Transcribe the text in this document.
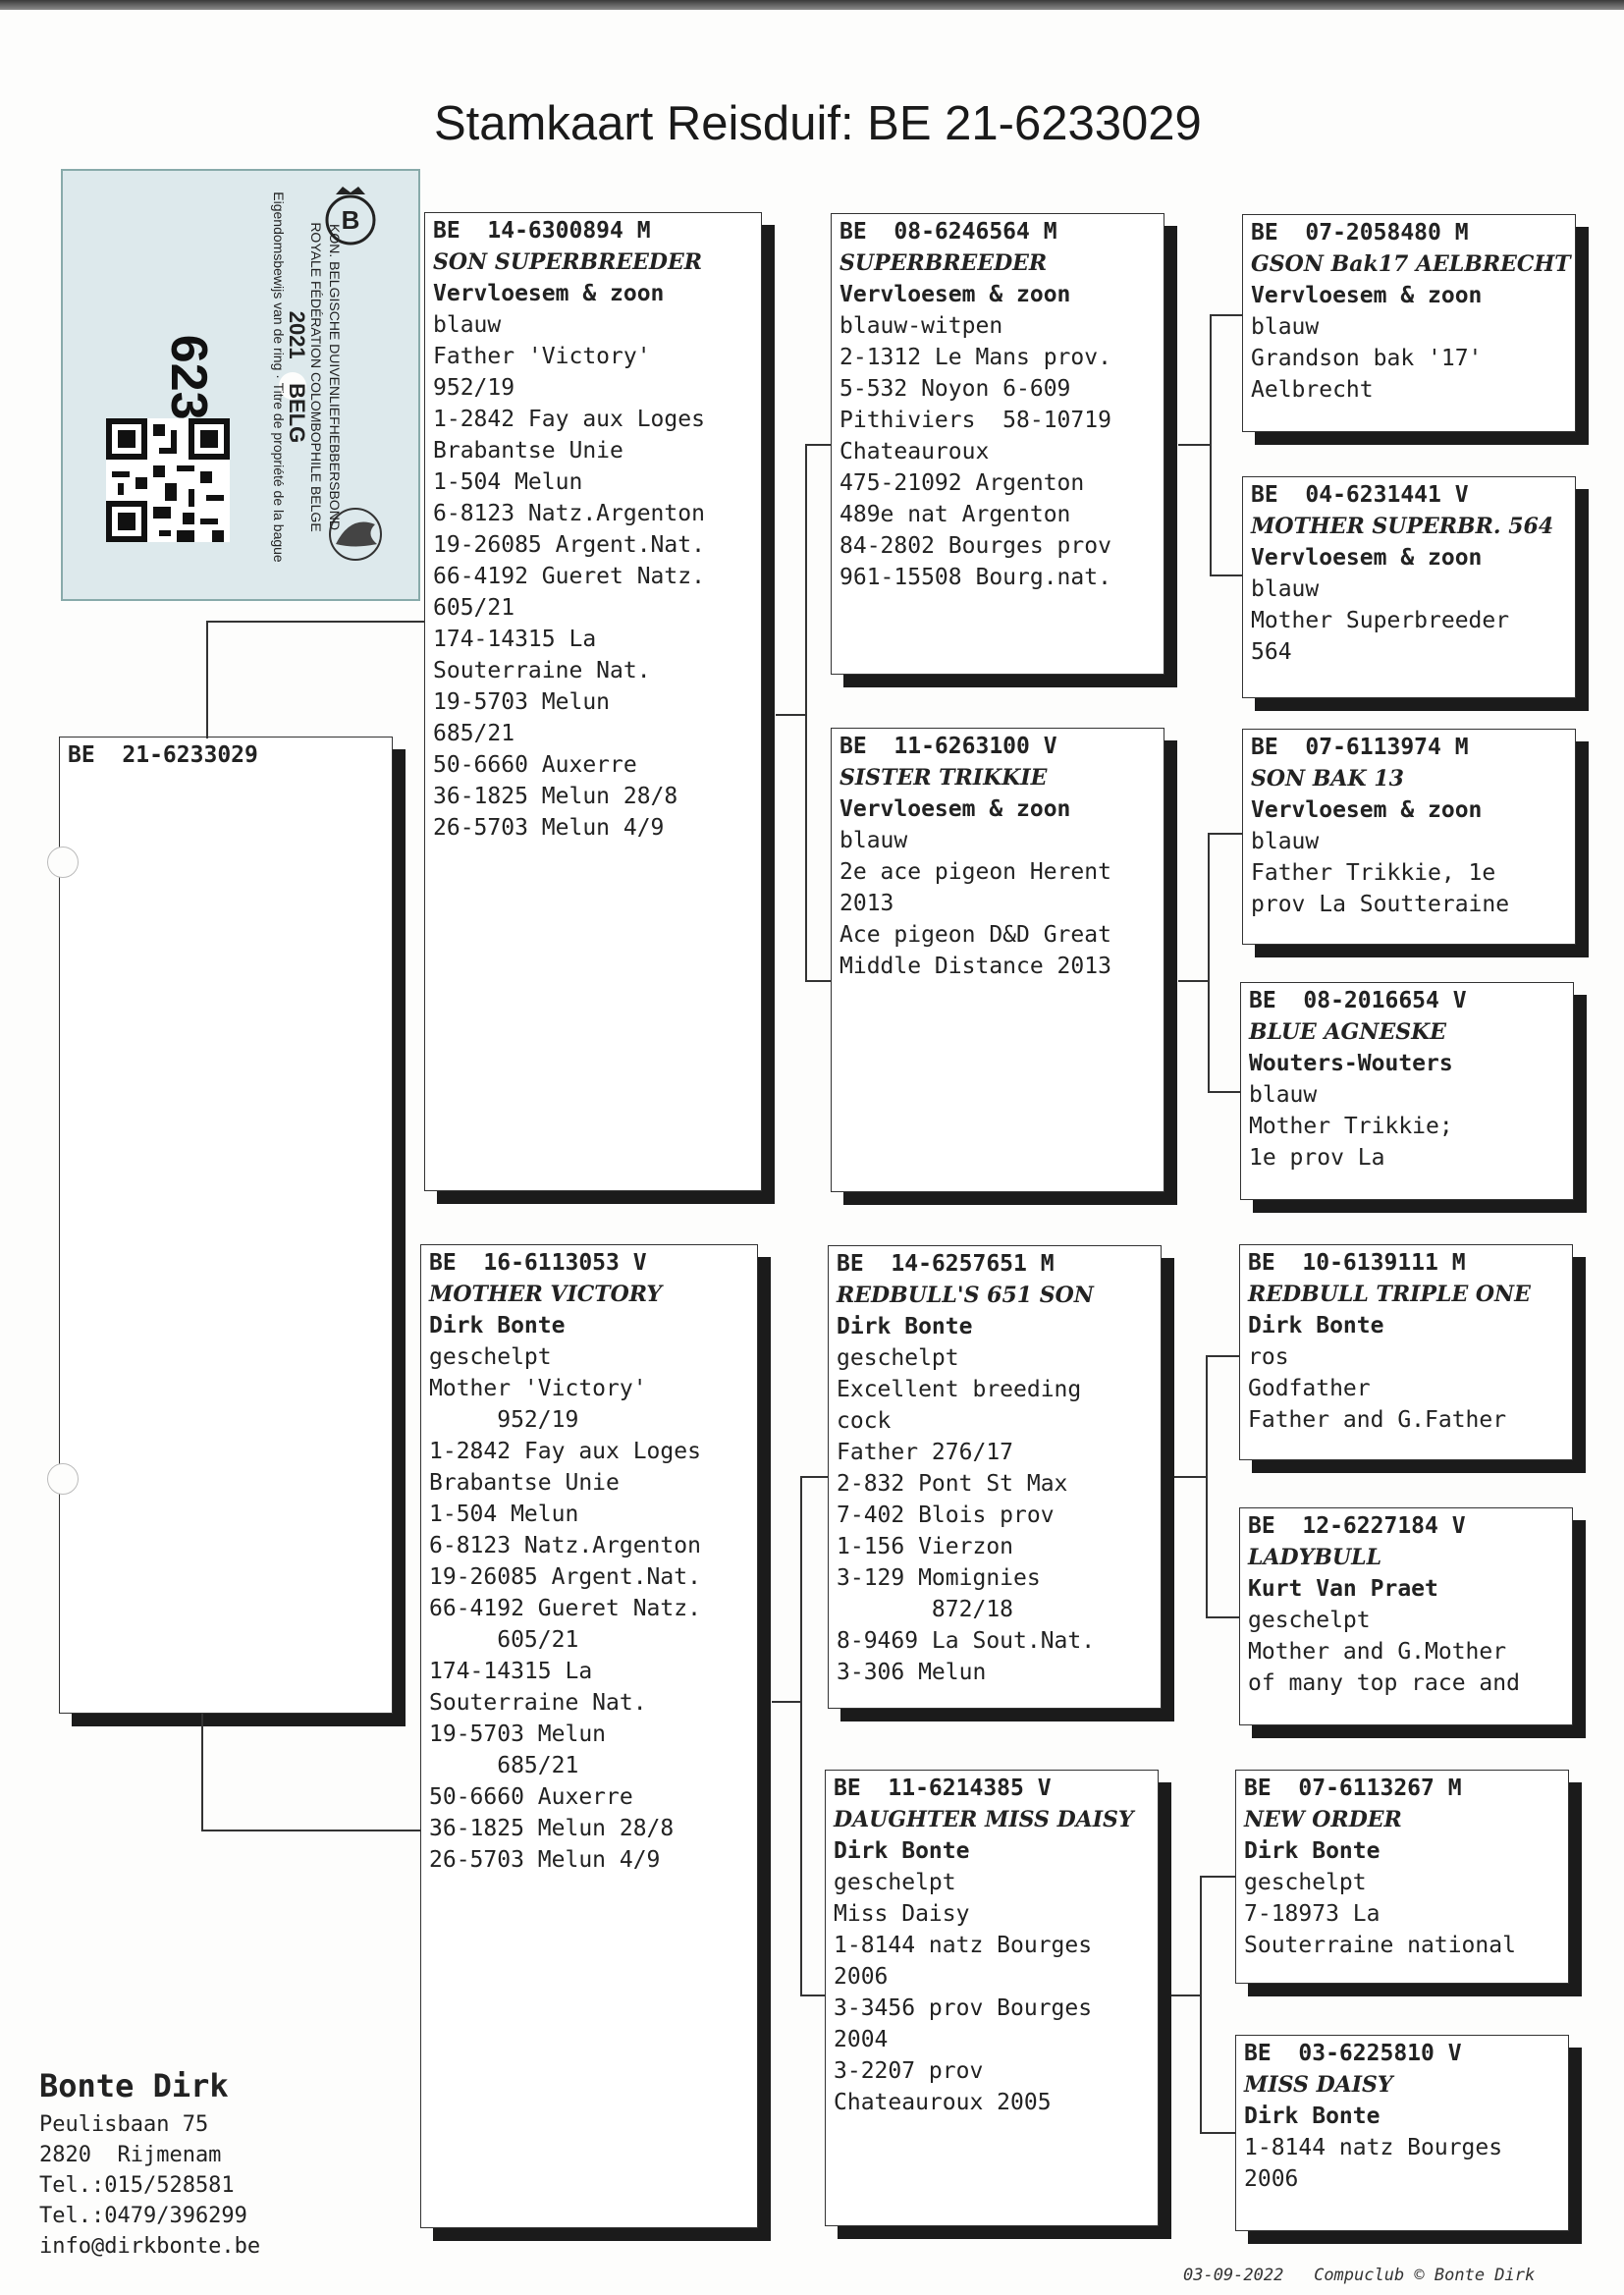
Stamkaart Reisduif: BE 21-6233029
B
KON. BELGISCHE DUIVENLIEFHEBBERSBOND
ROYALE FÉDÉRATION COLOMBOPHILE BELGE
2021    BELG
Eigendomsbewijs van de ring · Titre de propriété de la bague
BE  21-6233029
BE  14-6300894 M
SON SUPERBREEDER
Vervloesem & zoon
blauw
Father 'Victory'
952/19
1-2842 Fay aux Loges
Brabantse Unie
1-504 Melun
6-8123 Natz.Argenton
19-26085 Argent.Nat.
66-4192 Gueret Natz.
605/21
174-14315 La
Souterraine Nat.
19-5703 Melun
685/21
50-6660 Auxerre
36-1825 Melun 28/8
26-5703 Melun 4/9
BE  16-6113053 V
MOTHER VICTORY
Dirk Bonte
geschelpt
Mother 'Victory'
952/19
1-2842 Fay aux Loges
Brabantse Unie
1-504 Melun
6-8123 Natz.Argenton
19-26085 Argent.Nat.
66-4192 Gueret Natz.
605/21
174-14315 La
Souterraine Nat.
19-5703 Melun
685/21
50-6660 Auxerre
36-1825 Melun 28/8
26-5703 Melun 4/9
BE  08-6246564 M
SUPERBREEDER
Vervloesem & zoon
blauw-witpen
2-1312 Le Mans prov.
5-532 Noyon 6-609
Pithiviers  58-10719
Chateauroux
475-21092 Argenton
489e nat Argenton
84-2802 Bourges prov
961-15508 Bourg.nat.
BE  11-6263100 V
SISTER TRIKKIE
Vervloesem & zoon
blauw
2e ace pigeon Herent
2013
Ace pigeon D&D Great
Middle Distance 2013
BE  14-6257651 M
REDBULL'S 651 SON
Dirk Bonte
geschelpt
Excellent breeding
cock
Father 276/17
2-832 Pont St Max
7-402 Blois prov
1-156 Vierzon
3-129 Momignies
872/18
8-9469 La Sout.Nat.
3-306 Melun
BE  11-6214385 V
DAUGHTER MISS DAISY
Dirk Bonte
geschelpt
Miss Daisy
1-8144 natz Bourges
2006
3-3456 prov Bourges
2004
3-2207 prov
Chateauroux 2005
BE  07-2058480 M
GSON Bak17 AELBRECHT
Vervloesem & zoon
blauw
Grandson bak '17'
Aelbrecht
BE  04-6231441 V
MOTHER SUPERBR. 564
Vervloesem & zoon
blauw
Mother Superbreeder
564
BE  07-6113974 M
SON BAK 13
Vervloesem & zoon
blauw
Father Trikkie, 1e
prov La Soutteraine
BE  08-2016654 V
BLUE AGNESKE
Wouters-Wouters
blauw
Mother Trikkie;
1e prov La
BE  10-6139111 M
REDBULL TRIPLE ONE
Dirk Bonte
ros
Godfather
Father and G.Father
BE  12-6227184 V
LADYBULL
Kurt Van Praet
geschelpt
Mother and G.Mother
of many top race and
BE  07-6113267 M
NEW ORDER
Dirk Bonte
geschelpt
7-18973 La
Souterraine national
BE  03-6225810 V
MISS DAISY
Dirk Bonte
1-8144 natz Bourges
2006
Bonte Dirk
Peulisbaan 75
2820  Rijmenam
Tel.:015/528581
Tel.:0479/396299
info@dirkbonte.be
03-09-2022 Compuclub © Bonte Dirk
